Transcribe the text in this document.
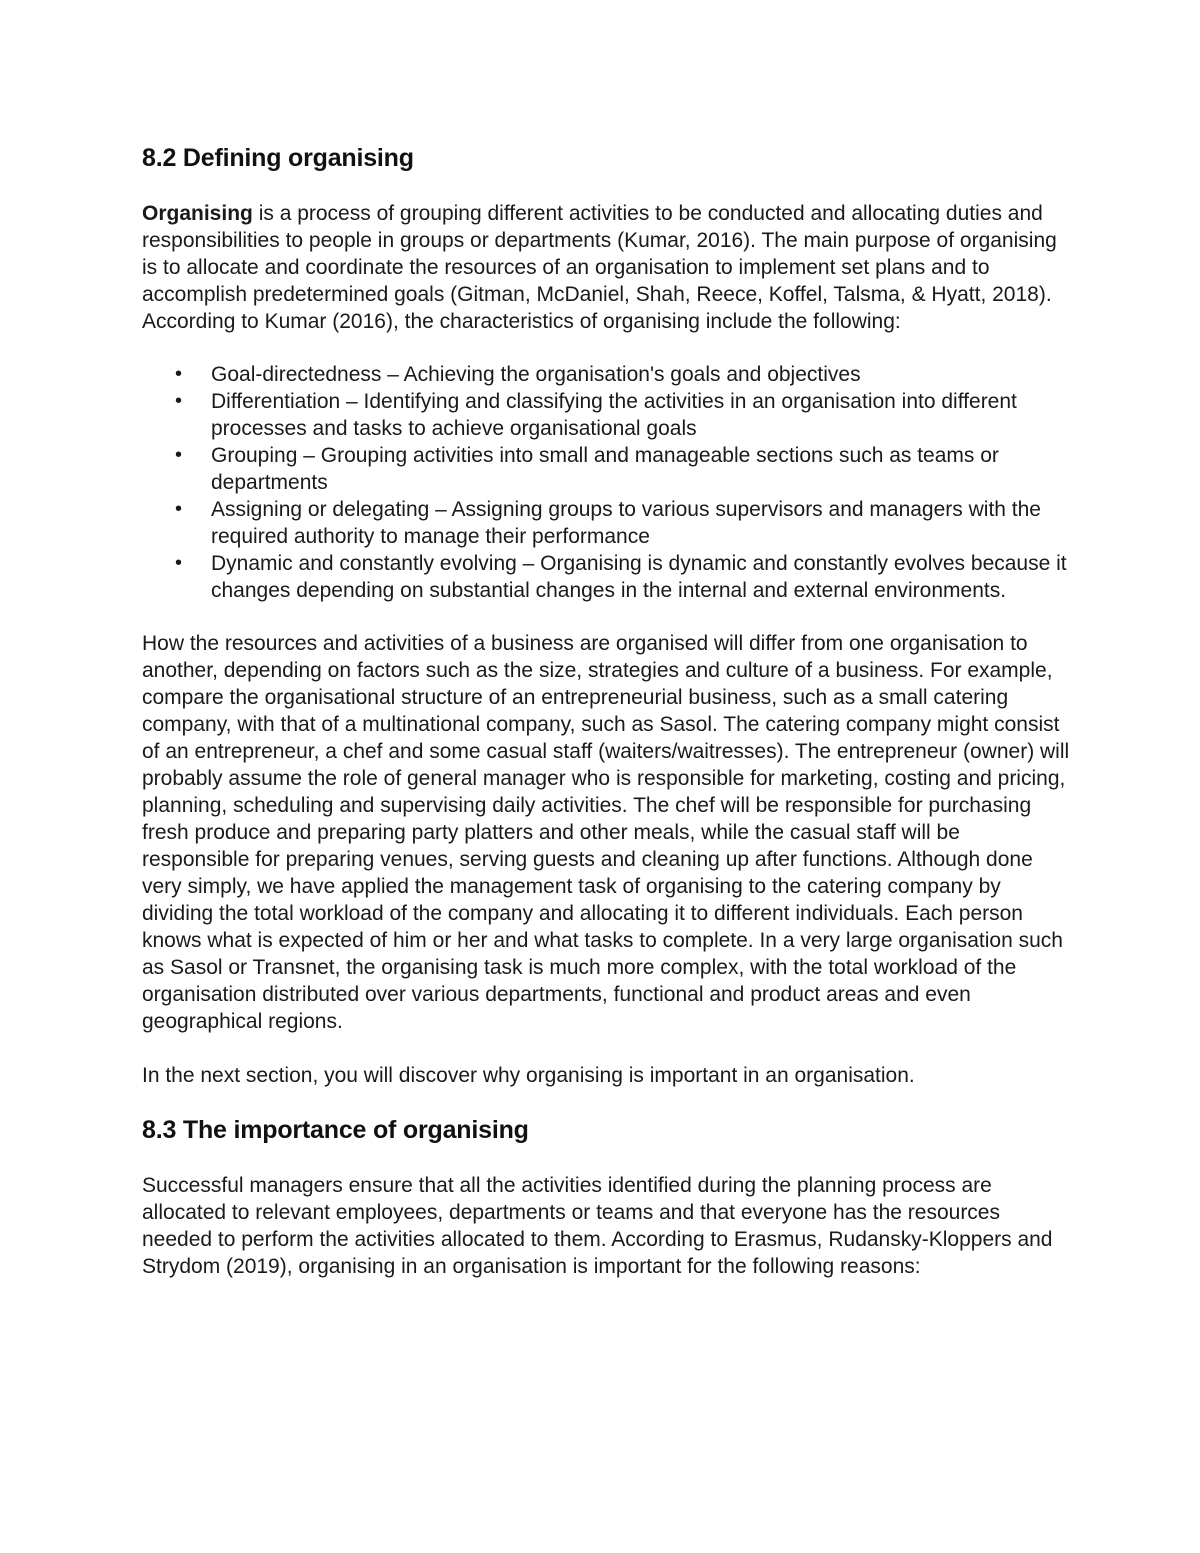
8.2 Defining organising

Organising is a process of grouping different activities to be conducted and allocating duties and responsibilities to people in groups or departments (Kumar, 2016). The main purpose of organising is to allocate and coordinate the resources of an organisation to implement set plans and to accomplish predetermined goals (Gitman, McDaniel, Shah, Reece, Koffel, Talsma, & Hyatt, 2018). According to Kumar (2016), the characteristics of organising include the following:

• Goal-directedness – Achieving the organisation's goals and objectives
• Differentiation – Identifying and classifying the activities in an organisation into different processes and tasks to achieve organisational goals
• Grouping – Grouping activities into small and manageable sections such as teams or departments
• Assigning or delegating – Assigning groups to various supervisors and managers with the required authority to manage their performance
• Dynamic and constantly evolving – Organising is dynamic and constantly evolves because it changes depending on substantial changes in the internal and external environments.

How the resources and activities of a business are organised will differ from one organisation to another, depending on factors such as the size, strategies and culture of a business. For example, compare the organisational structure of an entrepreneurial business, such as a small catering company, with that of a multinational company, such as Sasol. The catering company might consist of an entrepreneur, a chef and some casual staff (waiters/waitresses). The entrepreneur (owner) will probably assume the role of general manager who is responsible for marketing, costing and pricing, planning, scheduling and supervising daily activities. The chef will be responsible for purchasing fresh produce and preparing party platters and other meals, while the casual staff will be responsible for preparing venues, serving guests and cleaning up after functions. Although done very simply, we have applied the management task of organising to the catering company by dividing the total workload of the company and allocating it to different individuals. Each person knows what is expected of him or her and what tasks to complete. In a very large organisation such as Sasol or Transnet, the organising task is much more complex, with the total workload of the organisation distributed over various departments, functional and product areas and even geographical regions.

In the next section, you will discover why organising is important in an organisation.

8.3 The importance of organising

Successful managers ensure that all the activities identified during the planning process are allocated to relevant employees, departments or teams and that everyone has the resources needed to perform the activities allocated to them. According to Erasmus, Rudansky-Kloppers and Strydom (2019), organising in an organisation is important for the following reasons:
